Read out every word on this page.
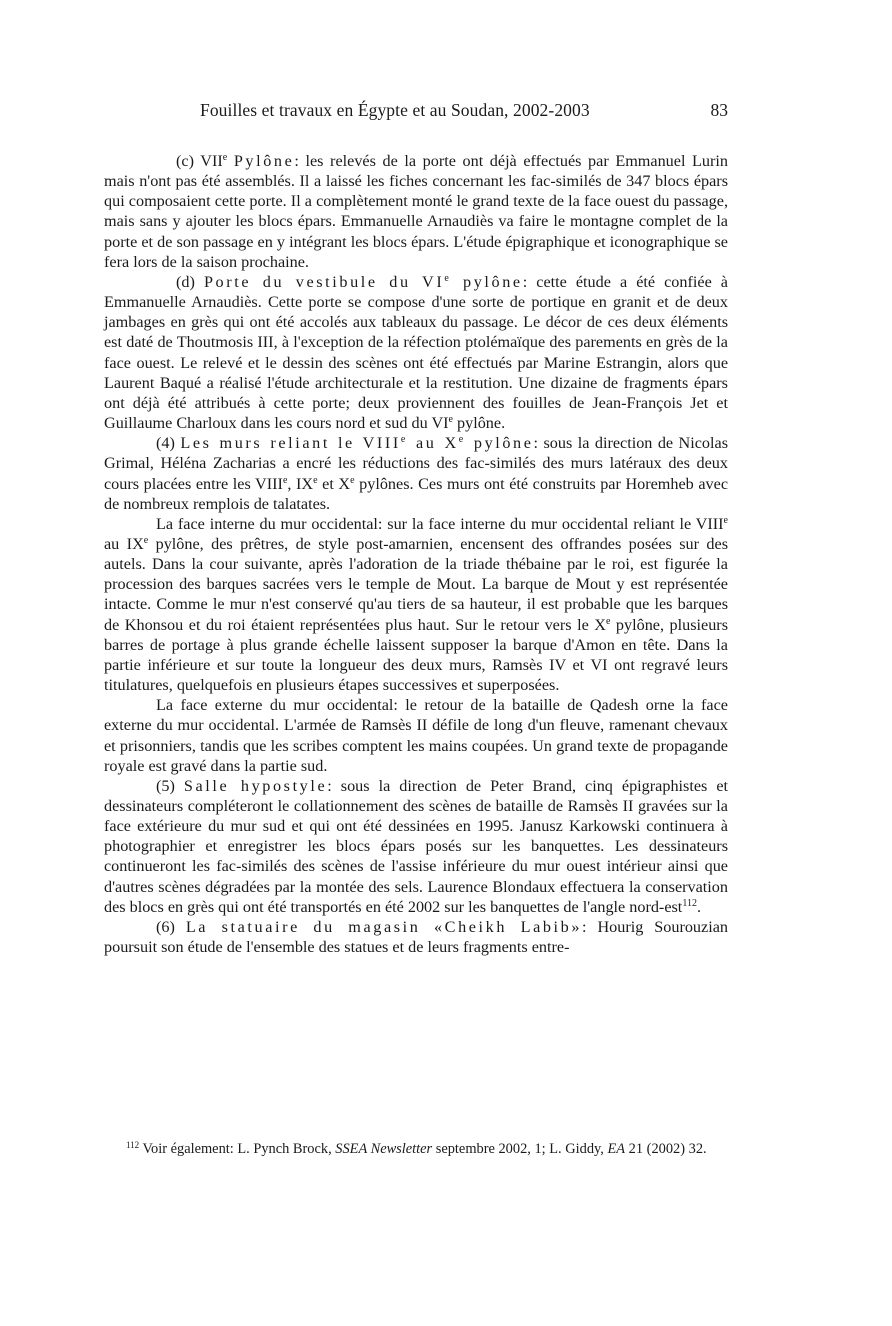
Fouilles et travaux en Égypte et au Soudan, 2002-2003	83

(c) VIIe Pylône: les relevés de la porte ont déjà effectués par Emmanuel Lurin mais n'ont pas été assemblés. Il a laissé les fiches concernant les fac-similés de 347 blocs épars qui composaient cette porte. Il a complètement monté le grand texte de la face ouest du passage, mais sans y ajouter les blocs épars. Emmanuelle Arnaudiès va faire le montagne complet de la porte et de son passage en y intégrant les blocs épars. L'étude épigraphique et iconographique se fera lors de la saison prochaine.

(d) Porte du vestibule du VIe pylône: cette étude a été confiée à Emmanuelle Arnaudiès. Cette porte se compose d'une sorte de portique en granit et de deux jambages en grès qui ont été accolés aux tableaux du passage. Le décor de ces deux éléments est daté de Thoutmosis III, à l'exception de la réfection ptolémaïque des parements en grès de la face ouest. Le relevé et le dessin des scènes ont été effectués par Marine Estrangin, alors que Laurent Baqué a réalisé l'étude architecturale et la restitution. Une dizaine de fragments épars ont déjà été attribués à cette porte; deux proviennent des fouilles de Jean-François Jet et Guillaume Charloux dans les cours nord et sud du VIe pylône.

(4) Les murs reliant le VIIIe au Xe pylône: sous la direction de Nicolas Grimal, Héléna Zacharias a encré les réductions des fac-similés des murs latéraux des deux cours placées entre les VIIIe, IXe et Xe pylônes. Ces murs ont été construits par Horemheb avec de nombreux remplois de talatates.

La face interne du mur occidental: sur la face interne du mur occidental reliant le VIIIe au IXe pylône, des prêtres, de style post-amarnien, encensent des offrandes posées sur des autels. Dans la cour suivante, après l'adoration de la triade thébaine par le roi, est figurée la procession des barques sacrées vers le temple de Mout. La barque de Mout y est représentée intacte. Comme le mur n'est conservé qu'au tiers de sa hauteur, il est probable que les barques de Khonsou et du roi étaient représentées plus haut. Sur le retour vers le Xe pylône, plusieurs barres de portage à plus grande échelle laissent supposer la barque d'Amon en tête. Dans la partie inférieure et sur toute la longueur des deux murs, Ramsès IV et VI ont regravé leurs titulatures, quelquefois en plusieurs étapes successives et superposées.

La face externe du mur occidental: le retour de la bataille de Qadesh orne la face externe du mur occidental. L'armée de Ramsès II défile de long d'un fleuve, ramenant chevaux et prisonniers, tandis que les scribes comptent les mains coupées. Un grand texte de propagande royale est gravé dans la partie sud.

(5) Salle hypostyle: sous la direction de Peter Brand, cinq épigraphistes et dessinateurs compléteront le collationnement des scènes de bataille de Ramsès II gravées sur la face extérieure du mur sud et qui ont été dessinées en 1995. Janusz Karkowski continuera à photographier et enregistrer les blocs épars posés sur les banquettes. Les dessinateurs continueront les fac-similés des scènes de l'assise inférieure du mur ouest intérieur ainsi que d'autres scènes dégradées par la montée des sels. Laurence Blondaux effectuera la conservation des blocs en grès qui ont été transportés en été 2002 sur les banquettes de l'angle nord-est$^{112}$.

(6) La statuaire du magasin «Cheikh Labib»: Hourig Sourouzian poursuit son étude de l'ensemble des statues et de leurs fragments entre-

$^{112}$ Voir également: L. Pynch Brock, SSEA Newsletter septembre 2002, 1; L. Giddy, EA 21 (2002) 32.
